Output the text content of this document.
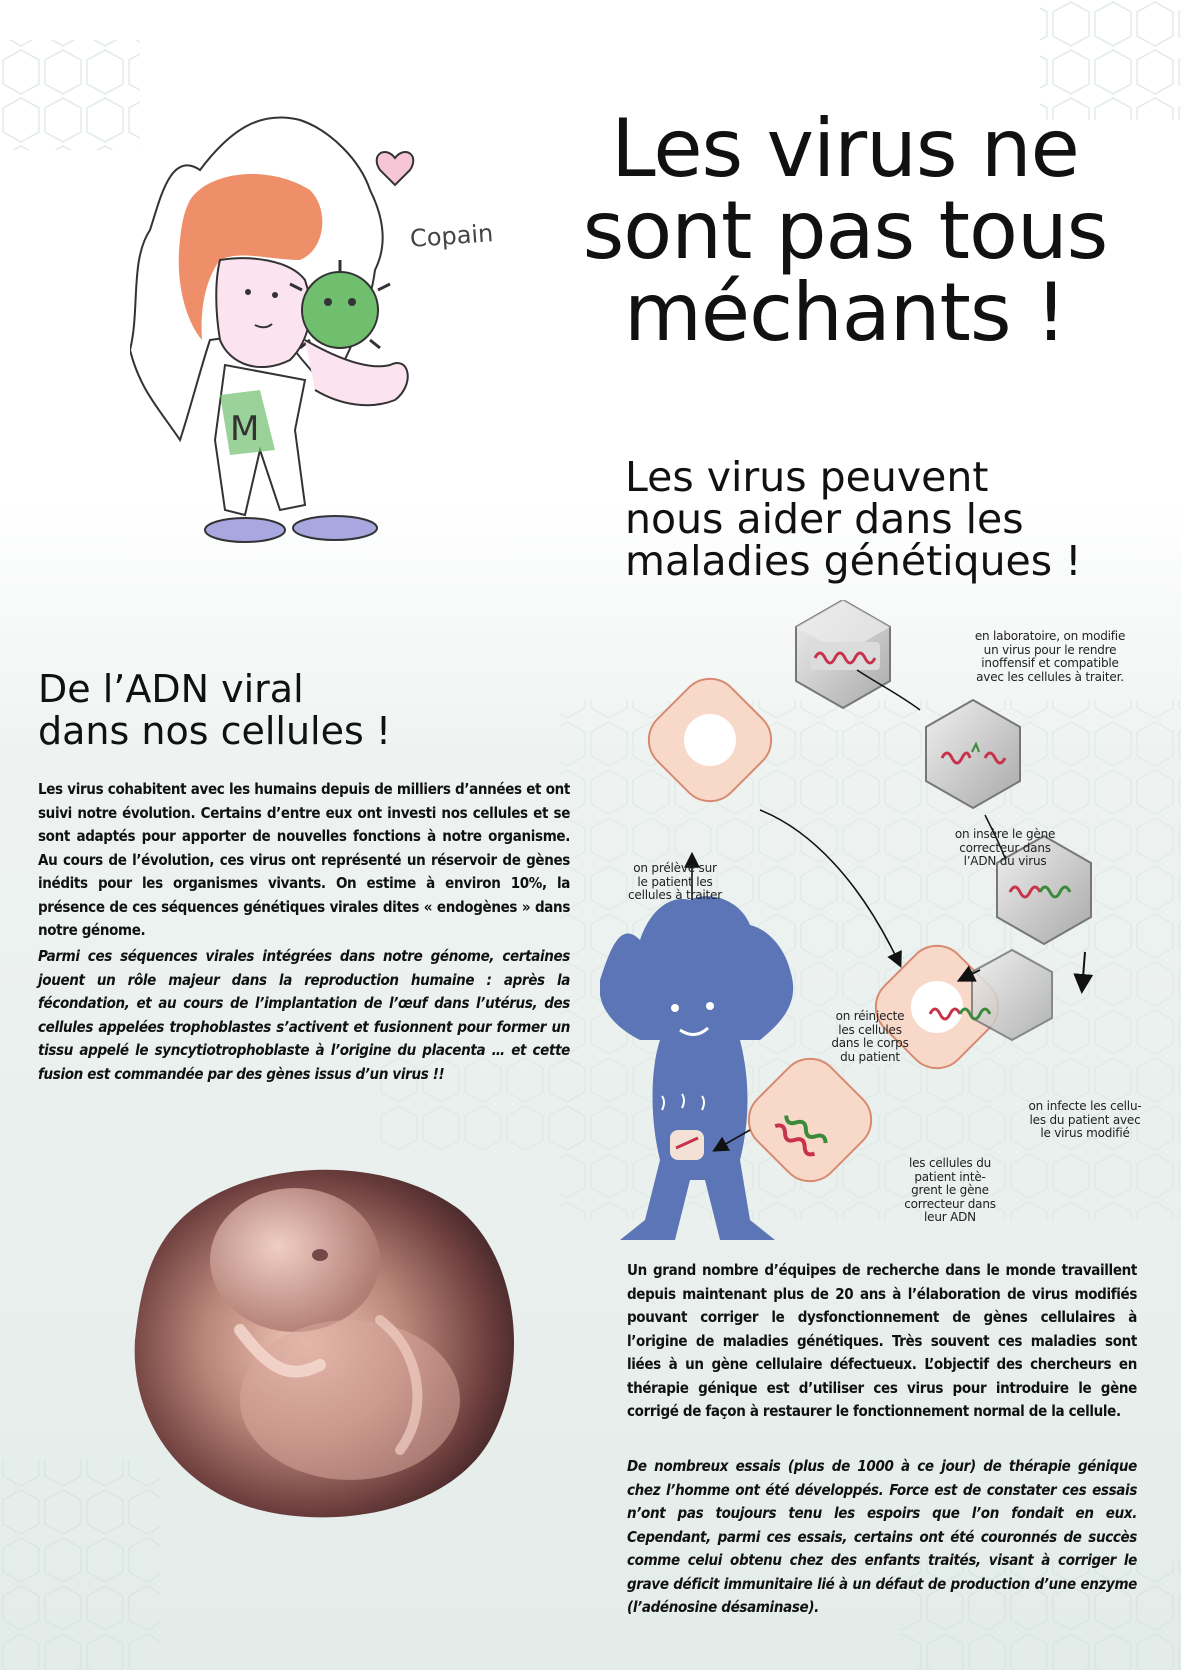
Les virus ne
sont pas tous
méchants !
M
Copain
Les virus peuvent
nous aider dans les
maladies génétiques !
De l’ADN viral
dans nos cellules !
Les virus cohabitent avec les humains depuis de milliers d’années et ont suivi notre évolution. Certains d’entre eux ont investi nos cellules et se sont adaptés pour apporter de nouvelles fonctions à notre organisme. Au cours de l’évolution, ces virus ont représenté un réservoir de gènes inédits pour les organismes vivants. On estime à environ 10%, la présence de ces séquences génétiques virales dites « endogènes » dans notre génome.
Parmi ces séquences virales intégrées dans notre génome, certaines jouent un rôle majeur dans la reproduction humaine : après la fécondation, et au cours de l’implantation de l’œuf dans l’utérus, des cellules appelées trophoblastes s’activent et fusionnent pour former un tissu appelé le syncytiotrophoblaste à l’origine du placenta … et cette fusion est commandée par des gènes issus d’un virus !!
en laboratoire, on modifie
un virus pour le rendre
inoffensif et compatible
avec les cellules à traiter.
on insère le gène
correcteur dans
l’ADN du virus
on prélève sur
le patient les
cellules à traiter
on réinjecte
les cellules
dans le corps
du patient
on infecte les cellu-
les du patient avec
le virus modifié
les cellules du
patient intè-
grent le gène
correcteur dans
leur ADN
Un grand nombre d’équipes de recherche dans le monde travaillent depuis maintenant plus de 20 ans à l’élaboration de virus modifiés pouvant corriger le dysfonctionnement de gènes cellulaires à l’origine de maladies génétiques. Très souvent ces maladies sont liées à un gène cellulaire défectueux. L’objectif des chercheurs en thérapie génique est d’utiliser ces virus pour introduire le gène corrigé de façon à restaurer le fonctionnement normal de la cellule.
De nombreux essais (plus de 1000 à ce jour) de thérapie génique chez l’homme ont été développés. Force est de constater ces essais n’ont pas toujours tenu les espoirs que l’on fondait en eux. Cependant, parmi ces essais, certains ont été couronnés de succès comme celui obtenu chez des enfants traités, visant à corriger le grave déficit immunitaire lié à un défaut de production d’une enzyme (l’adénosine désaminase).
